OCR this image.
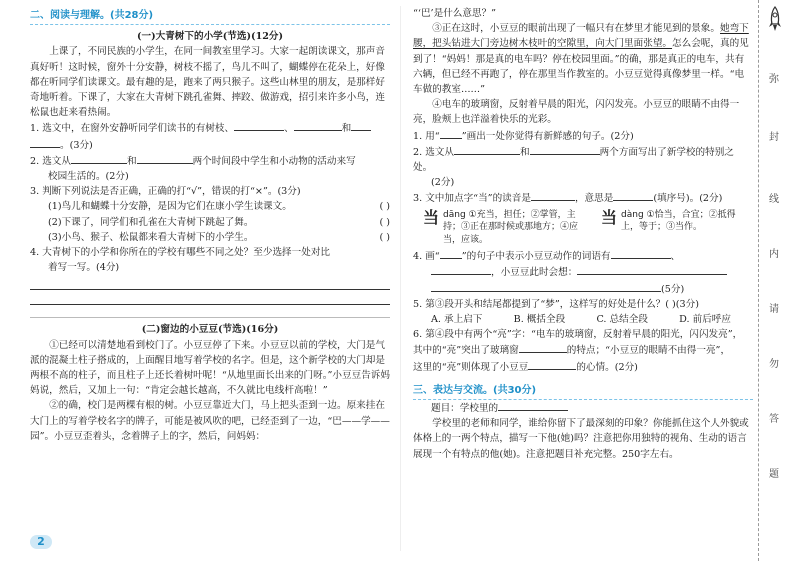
二、阅读与理解。(共28分)
(一)大青树下的小学(节选)(12分)

上课了，不同民族的小学生，在同一间教室里学习。大家一起朗读课文，那声音真好听！这时候，窗外十分安静，树枝不摇了，鸟儿不叫了，蝴蝶停在花朵上，好像都在听同学们读课文。最有趣的是，跑来了两只猴子。这些山林里的朋友，是那样好奇地听着。下课了，大家在大青树下跳孔雀舞、摔跤、做游戏，招引来许多小鸟，连松鼠也赶来看热闹。

1. 选文中，在窗外安静听同学们读书的有树枝、	、	和
。(3分)
2. 选文从	和	两个时间段中学生和小动物的活动来写
校园生活的。(2分)
3. 判断下列说法是否正确，正确的打“√”，错误的打“×”。(3分)
(1)鸟儿和蝴蝶十分安静，是因为它们在康小学生读课文。	( )
(2)下课了，同学们和孔雀在大青树下跳起了舞。	( )
(3)小鸟、猴子、松鼠都来看大青树下的小学生。	( )
4. 大青树下的小学和你所在的学校有哪些不同之处？至少选择一处对比
着写一写。(4分)
(二)窗边的小豆豆(节选)(16分)

①已经可以清楚地看到校门了。小豆豆停了下来。小豆豆以前的学校，大门是气派的混凝土柱子搭成的，上面醒目地写着学校的名字。但是，这个新学校的大门却是两根不高的柱子，而且柱子上还长着树叶呢！“从地里面长出来的门呀。”小豆豆告诉妈妈说，然后，又加上一句：“肯定会越长越高，不久就比电线杆高啦！”

②的确，校门是两棵有根的树。小豆豆靠近大门，马上把头歪到一边。原来挂在大门上的写着学校名字的牌子，可能是被风吹的吧，已经歪到了一边，“巴——学——园”。小豆豆歪着头，念着牌子上的字，然后，问妈妈：

“‘巴’是什么意思？”

③正在这时，小豆豆的眼前出现了一幅只有在梦里才能见到的景象。她弯下腰，把头钻进大门旁边树木枝叶的空隙里，向大门里面张望。怎么会呢，真的见到了！“妈妈！那是真的电车吗？停在校园里面。”的确，那是真正的电车，共有六辆，但已经不再跑了，停在那里当作教室的。小豆豆觉得真像梦里一样。“电车做的教室……”

④电车的玻璃窗，反射着早晨的阳光，闪闪发亮。小豆豆的眼睛不由得一亮，脸颊上也洋溢着快乐的光彩。

1. 用“ ”画出一处你觉得有新鲜感的句子。(2分)
2. 选文从	和	两个方面写出了新学校的特别之处。
(2分)
3. 文中加点字“当”的读音是	，意思是	(填序号)。(2分)
当 dāng ①充当，担任；②掌管，主持；③正在那时候或那地方；④应当，应该。
当 dàng ①恰当，合宜；②抵得上，等于；③当作。
4. 画“ ”的句子中表示小豆豆动作的词语有	、
，小豆豆此时会想：
(5分)
5. 第③段开头和结尾都提到了“梦”，这样写的好处是什么？( )(3分)
A. 承上启下	B. 概括全段	C. 总结全段	D. 前后呼应
6. 第④段中有两个“亮”字：“电车的玻璃窗，反射着早晨的阳光，闪闪发亮”，
其中的“亮”突出了玻璃窗	的特点；“小豆豆的眼睛不由得一亮”，
这里的“亮”则体现了小豆豆	的心情。(2分)
三、表达与交流。(共30分)
题目：学校里的

学校里的老师和同学，谁给你留下了最深刻的印象？你能抓住这个人外貌或体格上的一两个特点，描写一下他(她)吗？注意把你用独特的视角、生动的语言展现一个有特点的他(她)。注意把题目补充完整。250字左右。

弥
封
线
内
请
勿
答
题
2
